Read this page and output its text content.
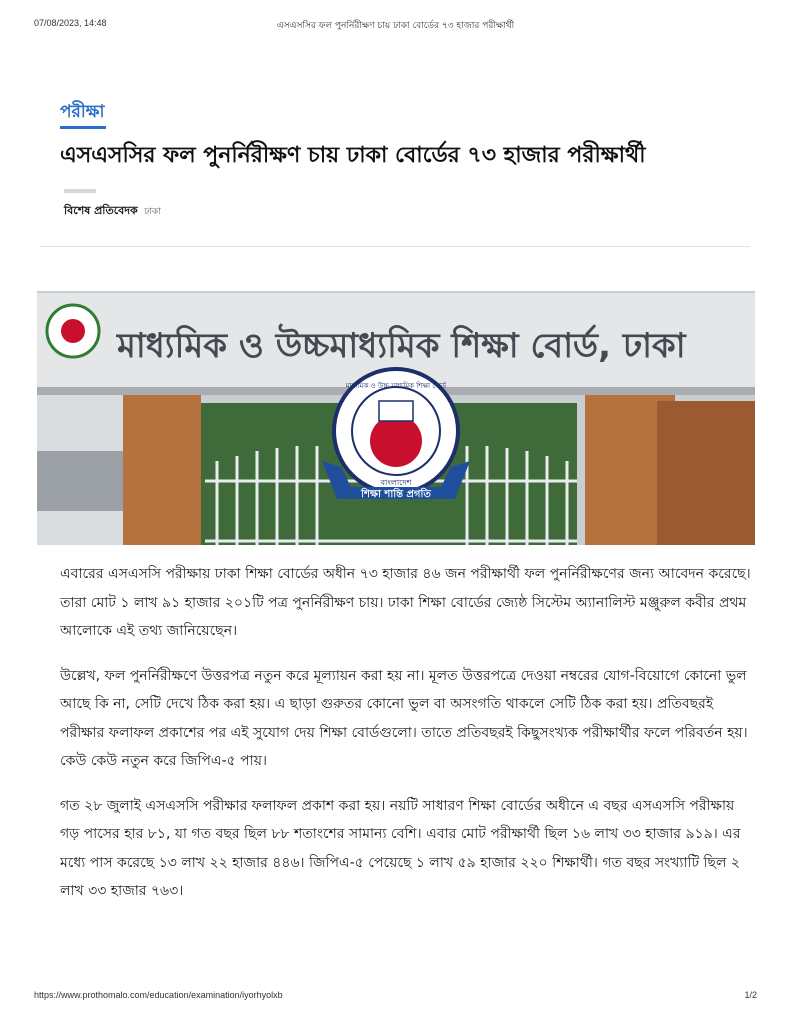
07/08/2023, 14:48	এসএসসির ফল পুনর্নিরীক্ষণ চায় ঢাকা বোর্ডের ৭৩ হাজার পরীক্ষার্থী
পরীক্ষা
এসএসসির ফল পুনর্নিরীক্ষণ চায় ঢাকা বোর্ডের ৭৩ হাজার পরীক্ষার্থী
বিশেষ প্রতিবেদক ঢাকা
মাধ্যমিক ও উচ্চমাধ্যমিক শিক্ষা বোর্ড, ঢাকা
মাধ্যমিক ও উচ্চ মাধ্যমিক শিক্ষা বোর্ড
বাংলাদেশ
শিক্ষা শান্তি প্রগতি

এবারের এসএসসি পরীক্ষায় ঢাকা শিক্ষা বোর্ডের অধীন ৭৩ হাজার ৪৬ জন পরীক্ষার্থী ফল পুনর্নিরীক্ষণের জন্য আবেদন করেছে। তারা মোট ১ লাখ ৯১ হাজার ২০১টি পত্র পুনর্নিরীক্ষণ চায়। ঢাকা শিক্ষা বোর্ডের জ্যেষ্ঠ সিস্টেম অ্যানালিস্ট মঞ্জুরুল কবীর প্রথম আলোকে এই তথ্য জানিয়েছেন।

উল্লেখ, ফল পুনর্নিরীক্ষণে উত্তরপত্র নতুন করে মূল্যায়ন করা হয় না। মূলত উত্তরপত্রে দেওয়া নম্বরের যোগ-বিয়োগে কোনো ভুল আছে কি না, সেটি দেখে ঠিক করা হয়। এ ছাড়া গুরুতর কোনো ভুল বা অসংগতি থাকলে সেটি ঠিক করা হয়। প্রতিবছরই পরীক্ষার ফলাফল প্রকাশের পর এই সুযোগ দেয় শিক্ষা বোর্ডগুলো। তাতে প্রতিবছরই কিছুসংখ্যক পরীক্ষার্থীর ফলে পরিবর্তন হয়। কেউ কেউ নতুন করে জিপিএ-৫ পায়।

গত ২৮ জুলাই এসএসসি পরীক্ষার ফলাফল প্রকাশ করা হয়। নয়টি সাধারণ শিক্ষা বোর্ডের অধীনে এ বছর এসএসসি পরীক্ষায় গড় পাসের হার ৮১, যা গত বছর ছিল ৮৮ শতাংশের সামান্য বেশি। এবার মোট পরীক্ষার্থী ছিল ১৬ লাখ ৩৩ হাজার ৯১৯। এর মধ্যে পাস করেছে ১৩ লাখ ২২ হাজার ৪৪৬। জিপিএ-৫ পেয়েছে ১ লাখ ৫৯ হাজার ২২০ শিক্ষার্থী। গত বছর সংখ্যাটি ছিল ২ লাখ ৩৩ হাজার ৭৬৩।

https://www.prothomalo.com/education/examination/iyorhyolxb	1/2
